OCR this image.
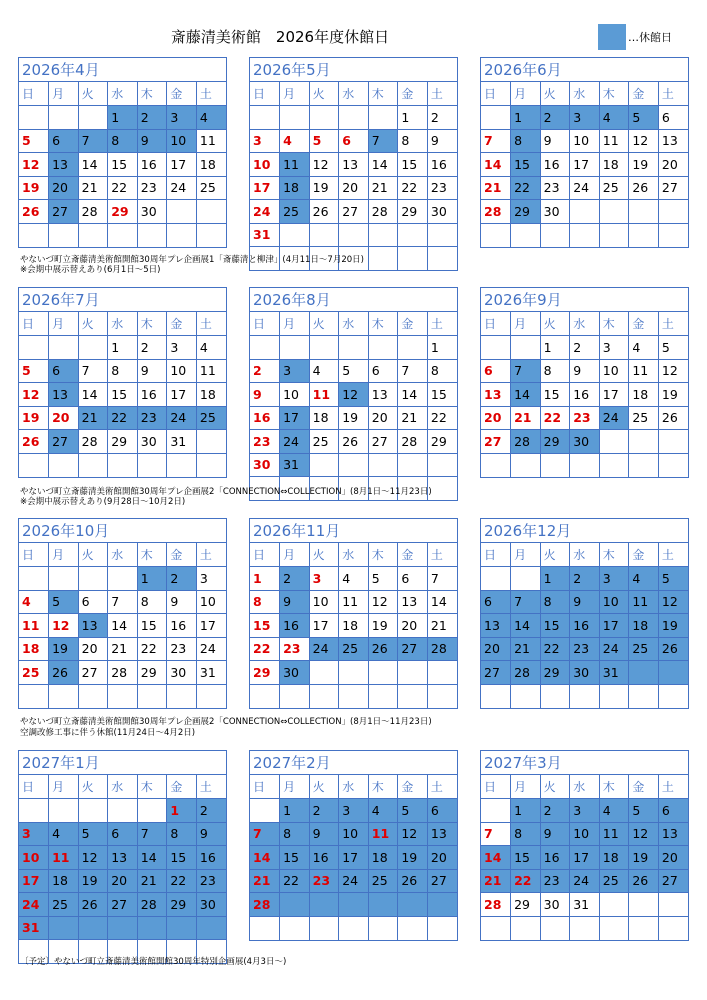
斎藤清美術館　2026年度休館日	…休館日
2026年4月
日	月	火	水	木	金	土
			1	2	3	4
5	6	7	8	9	10	11
12	13	14	15	16	17	18
19	20	21	22	23	24	25
26	27	28	29	30		

2026年5月
日	月	火	水	木	金	土
					1	2
3	4	5	6	7	8	9
10	11	12	13	14	15	16
17	18	19	20	21	22	23
24	25	26	27	28	29	30
31						

2026年6月
日	月	火	水	木	金	土
	1	2	3	4	5	6
7	8	9	10	11	12	13
14	15	16	17	18	19	20
21	22	23	24	25	26	27
28	29	30				

2026年7月
日	月	火	水	木	金	土
			1	2	3	4
5	6	7	8	9	10	11
12	13	14	15	16	17	18
19	20	21	22	23	24	25
26	27	28	29	30	31	

2026年8月
日	月	火	水	木	金	土
						1
2	3	4	5	6	7	8
9	10	11	12	13	14	15
16	17	18	19	20	21	22
23	24	25	26	27	28	29
30	31					

2026年9月
日	月	火	水	木	金	土
		1	2	3	4	5
6	7	8	9	10	11	12
13	14	15	16	17	18	19
20	21	22	23	24	25	26
27	28	29	30			

2026年10月
日	月	火	水	木	金	土
				1	2	3
4	5	6	7	8	9	10
11	12	13	14	15	16	17
18	19	20	21	22	23	24
25	26	27	28	29	30	31

2026年11月
日	月	火	水	木	金	土
1	2	3	4	5	6	7
8	9	10	11	12	13	14
15	16	17	18	19	20	21
22	23	24	25	26	27	28
29	30					

2026年12月
日	月	火	水	木	金	土
		1	2	3	4	5
6	7	8	9	10	11	12
13	14	15	16	17	18	19
20	21	22	23	24	25	26
27	28	29	30	31		

2027年1月
日	月	火	水	木	金	土
					1	2
3	4	5	6	7	8	9
10	11	12	13	14	15	16
17	18	19	20	21	22	23
24	25	26	27	28	29	30
31						

2027年2月
日	月	火	水	木	金	土
	1	2	3	4	5	6
7	8	9	10	11	12	13
14	15	16	17	18	19	20
21	22	23	24	25	26	27
28						

2027年3月
日	月	火	水	木	金	土
	1	2	3	4	5	6
7	8	9	10	11	12	13
14	15	16	17	18	19	20
21	22	23	24	25	26	27
28	29	30	31			

やないづ町立斎藤清美術館開館30周年プレ企画展1「斎藤清と柳津」(4月11日～7月20日)
※会期中展示替えあり(6月1日～5日)
やないづ町立斎藤清美術館開館30周年プレ企画展2「CONNECTION⇔COLLECTION」(8月1日～11月23日)
※会期中展示替えあり(9月28日～10月2日)
やないづ町立斎藤清美術館開館30周年プレ企画展2「CONNECTION⇔COLLECTION」(8月1日～11月23日)
空調改修工事に伴う休館(11月24日～4月2日)
〔予定〕やないづ町立斎藤清美術館開館30周年特別企画展(4月3日～)
